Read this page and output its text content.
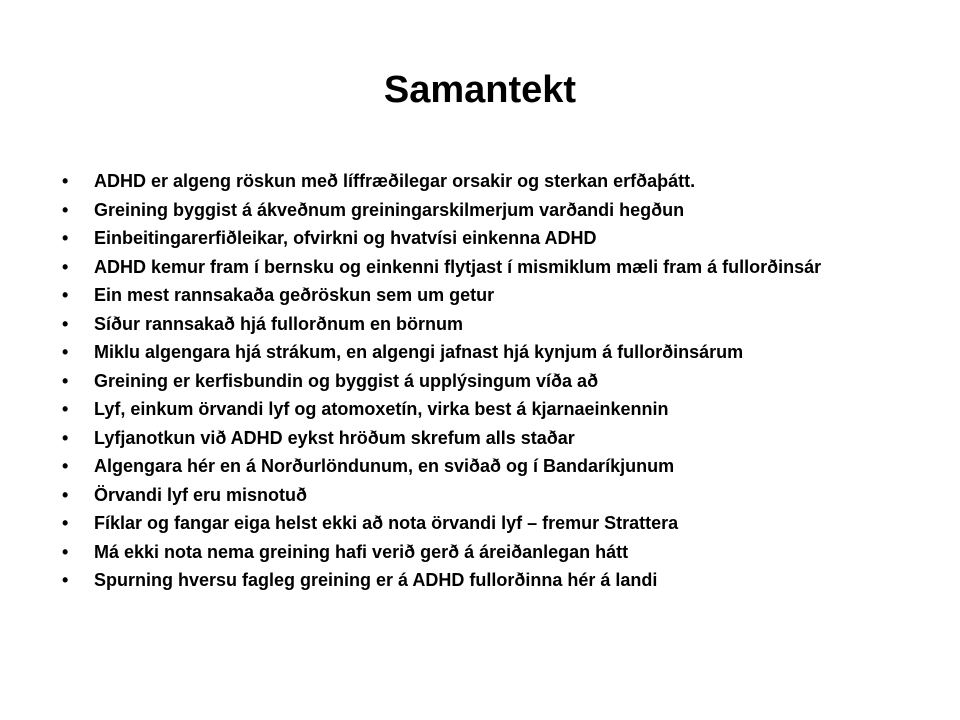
Samantekt
•	ADHD er algeng röskun með líffræðilegar orsakir og sterkan erfðaþátt.
•	Greining byggist á ákveðnum greiningarskilmerjum varðandi hegðun
•	Einbeitingarerfiðleikar, ofvirkni og hvatvísi einkenna ADHD
•	ADHD kemur fram í bernsku og einkenni flytjast í mismiklum mæli fram á fullorðinsár
•	Ein mest rannsakaða geðröskun sem um getur
•	Síður rannsakað hjá fullorðnum en börnum
•	Miklu algengara hjá strákum, en algengi jafnast hjá kynjum á fullorðinsárum
•	Greining er kerfisbundin og byggist á upplýsingum víða að
•	Lyf, einkum örvandi lyf og atomoxetín, virka best á kjarnaeinkennin
•	Lyfjanotkun við ADHD eykst hröðum skrefum alls staðar
•	Algengara hér en á Norðurlöndunum, en sviðað og í Bandaríkjunum
•	Örvandi lyf eru misnotuð
•	Fíklar og fangar eiga helst ekki að nota örvandi lyf – fremur Strattera
•	Má ekki nota nema greining hafi verið gerð á áreiðanlegan hátt
•	Spurning hversu fagleg greining er á ADHD fullorðinna hér á landi
